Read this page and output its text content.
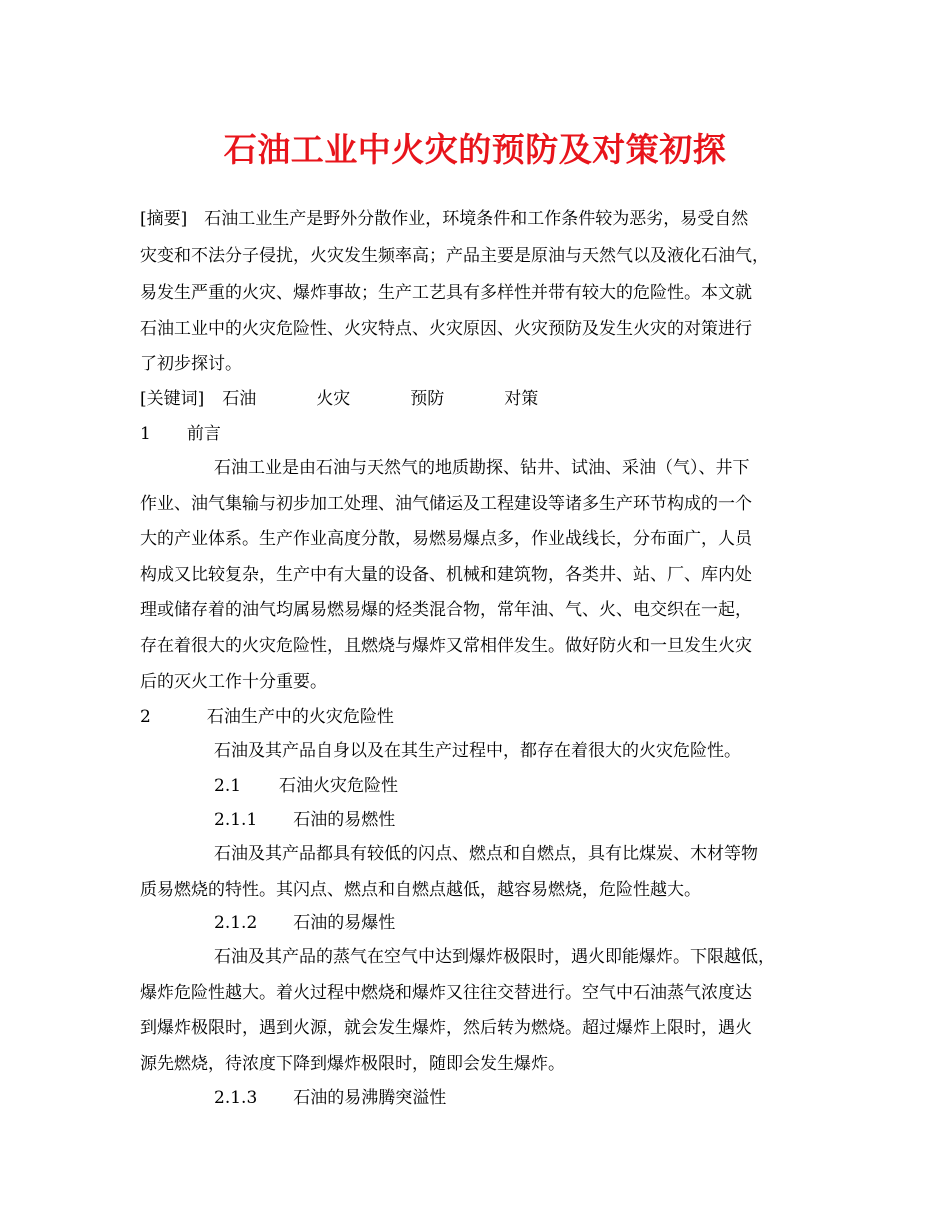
石油工业中火灾的预防及对策初探
[摘要]　石油工业生产是野外分散作业，环境条件和工作条件较为恶劣，易受自然
灾变和不法分子侵扰，火灾发生频率高；产品主要是原油与天然气以及液化石油气，
易发生严重的火灾、爆炸事故；生产工艺具有多样性并带有较大的危险性。本文就
石油工业中的火灾危险性、火灾特点、火灾原因、火灾预防及发生火灾的对策进行
了初步探讨。
[关键词] 石油	火灾	预防	对策
1 前言
石油工业是由石油与天然气的地质勘探、钻井、试油、采油（气）、井下
作业、油气集输与初步加工处理、油气储运及工程建设等诸多生产环节构成的一个
大的产业体系。生产作业高度分散，易燃易爆点多，作业战线长，分布面广，人员
构成又比较复杂，生产中有大量的设备、机械和建筑物，各类井、站、厂、库内处
理或储存着的油气均属易燃易爆的烃类混合物，常年油、气、火、电交织在一起，
存在着很大的火灾危险性，且燃烧与爆炸又常相伴发生。做好防火和一旦发生火灾
后的灭火工作十分重要。
2	石油生产中的火灾危险性
石油及其产品自身以及在其生产过程中，都存在着很大的火灾危险性。
2.1 石油火灾危险性
2.1.1 石油的易燃性
石油及其产品都具有较低的闪点、燃点和自燃点，具有比煤炭、木材等物
质易燃烧的特性。其闪点、燃点和自燃点越低，越容易燃烧，危险性越大。
2.1.2 石油的易爆性
石油及其产品的蒸气在空气中达到爆炸极限时，遇火即能爆炸。下限越低，
爆炸危险性越大。着火过程中燃烧和爆炸又往往交替进行。空气中石油蒸气浓度达
到爆炸极限时，遇到火源，就会发生爆炸，然后转为燃烧。超过爆炸上限时，遇火
源先燃烧，待浓度下降到爆炸极限时，随即会发生爆炸。
2.1.3 石油的易沸腾突溢性
